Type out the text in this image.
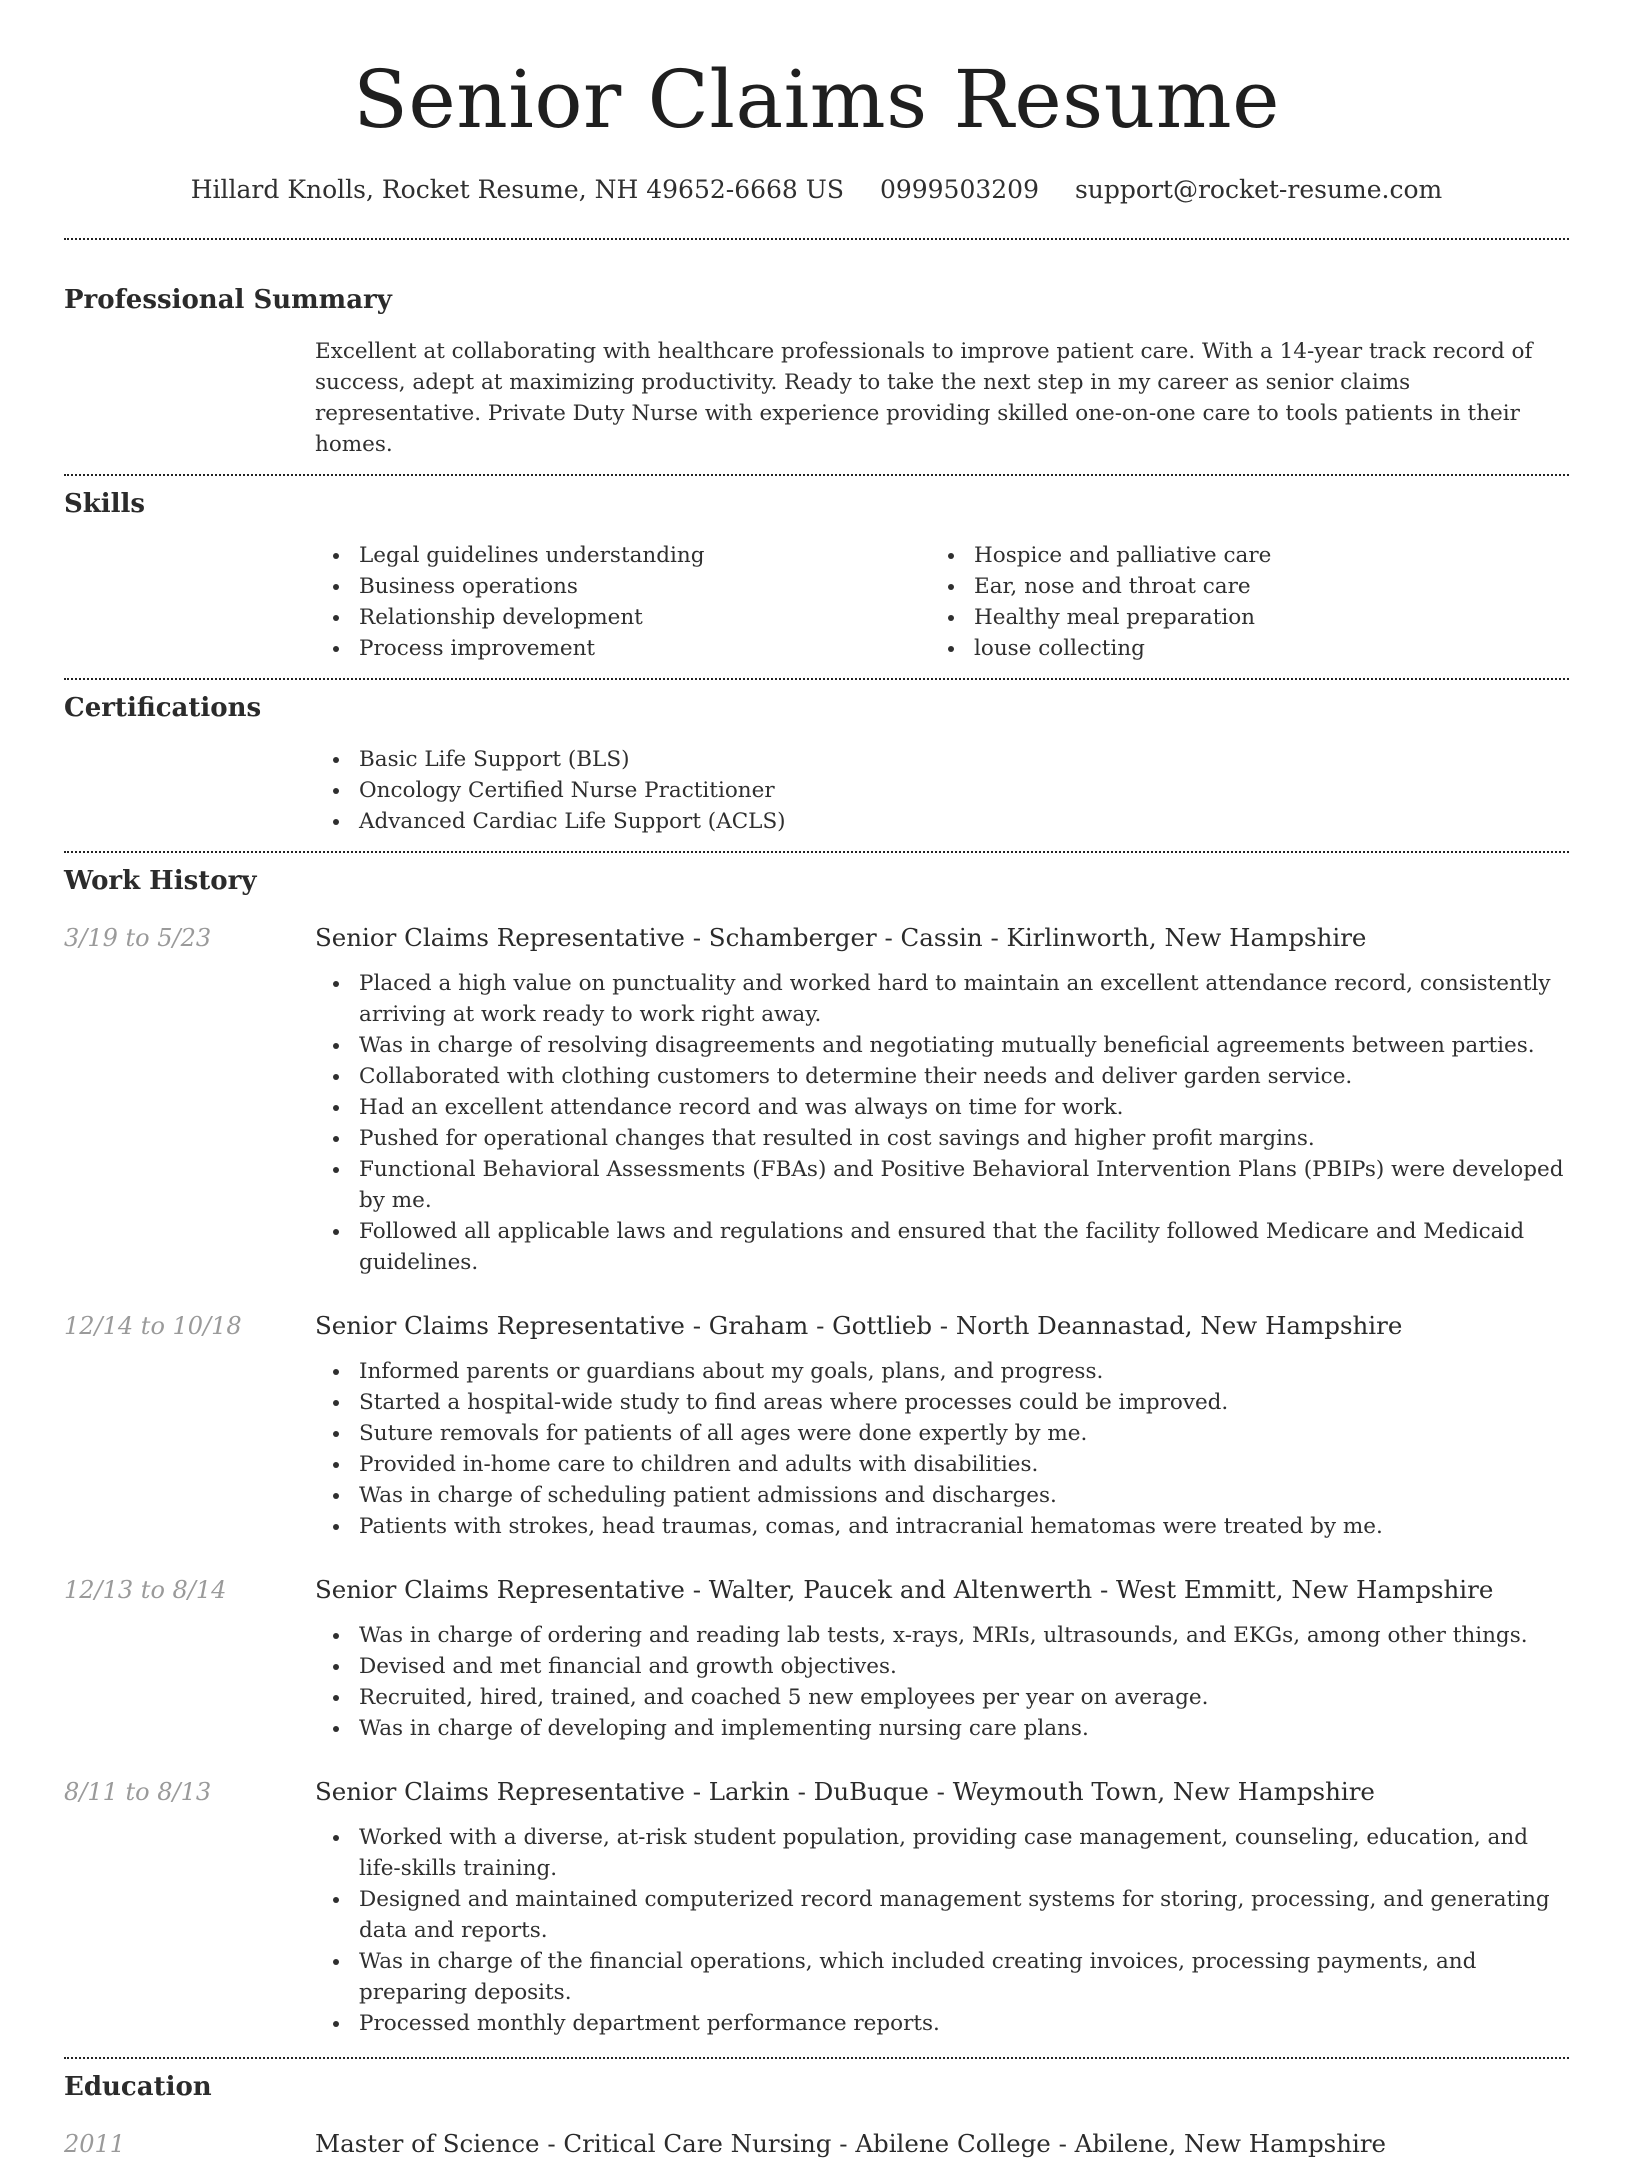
Senior Claims Resume
Hillard Knolls, Rocket Resume, NH 49652-6668 US 0999503209 support@rocket-resume.com
Professional Summary

Excellent at collaborating with healthcare professionals to improve patient care. With a 14-year track record of success, adept at maximizing productivity. Ready to take the next step in my career as senior claims representative. Private Duty Nurse with experience providing skilled one-on-one care to tools patients in their homes.

Skills
Legal guidelines understanding
Business operations
Relationship development
Process improvement
Hospice and palliative care
Ear, nose and throat care
Healthy meal preparation
louse collecting
Certifications
Basic Life Support (BLS)
Oncology Certified Nurse Practitioner
Advanced Cardiac Life Support (ACLS)
Work History
3/19 to 5/23	Senior Claims Representative - Schamberger - Cassin - Kirlinworth, New Hampshire
Placed a high value on punctuality and worked hard to maintain an excellent attendance record, consistently arriving at work ready to work right away.
Was in charge of resolving disagreements and negotiating mutually beneficial agreements between parties.
Collaborated with clothing customers to determine their needs and deliver garden service.
Had an excellent attendance record and was always on time for work.
Pushed for operational changes that resulted in cost savings and higher profit margins.
Functional Behavioral Assessments (FBAs) and Positive Behavioral Intervention Plans (PBIPs) were developed by me.
Followed all applicable laws and regulations and ensured that the facility followed Medicare and Medicaid guidelines.
12/14 to 10/18	Senior Claims Representative - Graham - Gottlieb - North Deannastad, New Hampshire
Informed parents or guardians about my goals, plans, and progress.
Started a hospital-wide study to find areas where processes could be improved.
Suture removals for patients of all ages were done expertly by me.
Provided in-home care to children and adults with disabilities.
Was in charge of scheduling patient admissions and discharges.
Patients with strokes, head traumas, comas, and intracranial hematomas were treated by me.
12/13 to 8/14	Senior Claims Representative - Walter, Paucek and Altenwerth - West Emmitt, New Hampshire
Was in charge of ordering and reading lab tests, x-rays, MRIs, ultrasounds, and EKGs, among other things.
Devised and met financial and growth objectives.
Recruited, hired, trained, and coached 5 new employees per year on average.
Was in charge of developing and implementing nursing care plans.
8/11 to 8/13	Senior Claims Representative - Larkin - DuBuque - Weymouth Town, New Hampshire
Worked with a diverse, at-risk student population, providing case management, counseling, education, and life-skills training.
Designed and maintained computerized record management systems for storing, processing, and generating data and reports.
Was in charge of the financial operations, which included creating invoices, processing payments, and preparing deposits.
Processed monthly department performance reports.
Education
2011	Master of Science - Critical Care Nursing - Abilene College - Abilene, New Hampshire
